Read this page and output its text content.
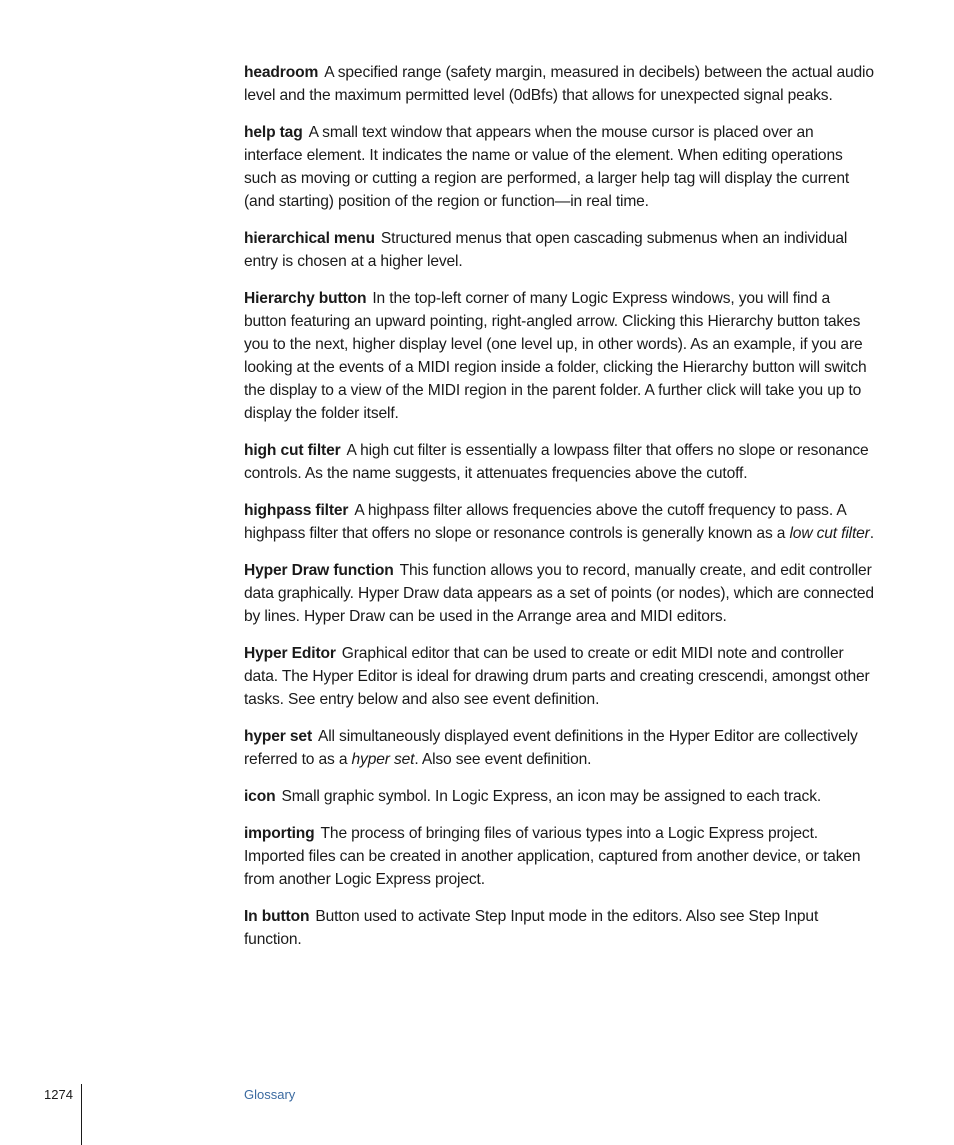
headroom A specified range (safety margin, measured in decibels) between the actual audio level and the maximum permitted level (0dBfs) that allows for unexpected signal peaks.

help tag A small text window that appears when the mouse cursor is placed over an interface element. It indicates the name or value of the element. When editing operations such as moving or cutting a region are performed, a larger help tag will display the current (and starting) position of the region or function—in real time.

hierarchical menu Structured menus that open cascading submenus when an individual entry is chosen at a higher level.

Hierarchy button In the top-left corner of many Logic Express windows, you will find a button featuring an upward pointing, right-angled arrow. Clicking this Hierarchy button takes you to the next, higher display level (one level up, in other words). As an example, if you are looking at the events of a MIDI region inside a folder, clicking the Hierarchy button will switch the display to a view of the MIDI region in the parent folder. A further click will take you up to display the folder itself.

high cut filter A high cut filter is essentially a lowpass filter that offers no slope or resonance controls. As the name suggests, it attenuates frequencies above the cutoff.

highpass filter A highpass filter allows frequencies above the cutoff frequency to pass. A highpass filter that offers no slope or resonance controls is generally known as a low cut filter.

Hyper Draw function This function allows you to record, manually create, and edit controller data graphically. Hyper Draw data appears as a set of points (or nodes), which are connected by lines. Hyper Draw can be used in the Arrange area and MIDI editors.

Hyper Editor Graphical editor that can be used to create or edit MIDI note and controller data. The Hyper Editor is ideal for drawing drum parts and creating crescendi, amongst other tasks. See entry below and also see event definition.

hyper set All simultaneously displayed event definitions in the Hyper Editor are collectively referred to as a hyper set. Also see event definition.

icon Small graphic symbol. In Logic Express, an icon may be assigned to each track.

importing The process of bringing files of various types into a Logic Express project. Imported files can be created in another application, captured from another device, or taken from another Logic Express project.

In button Button used to activate Step Input mode in the editors. Also see Step Input function.

1274	Glossary
